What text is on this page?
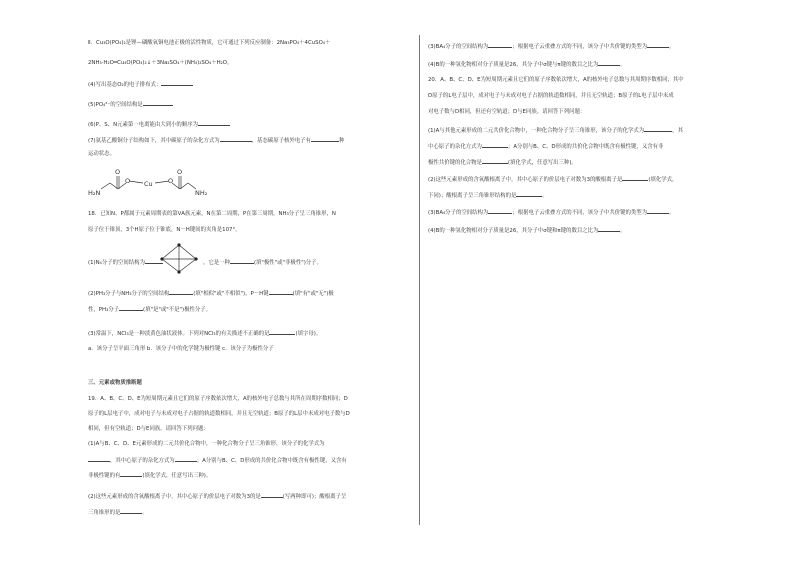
Ⅱ．Cu₃O(PO₄)₂是锂—磷酸氧铜电池正极的活性物质，它可通过下列反应制备：2Na₃PO₄＋4CuSO₄＋
2NH₃·H₂O═Cu₄O(PO₄)₂↓＋3Na₂SO₄＋(NH₄)₂SO₄＋H₂O。
(4)写出基态O₂的电子排布式：
(5)PO₄³⁻的空间结构是
(6)P、S、N元素第一电离能由大到小的顺序为
(7)氨基乙酸铜分子结构如下，其中碳原子的杂化方式为	，基态碳原子核外电子有	种
运动状态。
O
O	O
O
Cu
H₂N	NH₂
18．已知N、P都属于元素周期表的第ⅤA族元素，N在第二周期，P在第三周期。NH₃分子呈三角锥形，N
原子位于锥顶，3个H原子位于锥底，N－H键间的夹角是107°。
(1)N₄分子的空间结构为	，它是一种	(填"极性"或"非极性")分子。
(2)PH₃分子与NH₃分子的空间结构	(填"相似"或"不相似")，P－H键	(填"有"或"无")极
性，PH₃分子	(填"是"或"不是")极性分子。
(3)常温下，NCl₃是一种淡黄色油状液体。下列对NCl₃的有关描述不正确的是	(填字母)。
a．该分子呈平面三角形 b．该分子中的化学键为极性键 c．该分子为极性分子
三、元素或物质推断题
19．A、B、C、D、E为短周期元素且它们的原子序数依次增大，A的核外电子总数与其所在周期序数相同；D
原子的L层电子中，成对电子与未成对电子占据的轨道数相同，并且无空轨道；B原子的L层中未成对电子数与D
相同，但有空轨道；D与E同族。请回答下列问题：
(1)A与B、C、D、E元素形成的二元共价化合物中，一种化合物分子呈三角锥形，该分子的化学式为
，其中心原子的杂化方式为	；A分别与B、C、D形成的共价化合物中既含有极性键，又含有
非极性键的有	(填化学式，任意写出三种)。
(2)这些元素形成的含氧酸根离子中，其中心原子的价层电子对数为3的是	(写两种即可)；酸根离子呈
三角锥形的是	。
(3)BA₄分子的空间结构为	；根据电子云重叠方式的不同，该分子中共价键的类型为	。
(4)B的一种氢化物相对分子质量是26，其分子中σ键与π键的数目之比为	。
20．A、B、C、D、E为短周期元素且它们的原子序数依次增大，A的核外电子总数与其周期序数相同；其中
D原子的L电子层中，成对电子与未成对电子占据的轨道数相同，并且无空轨道；B原子的L电子层中未成
对电子数与D相同，但还有空轨道；D与E同族。请回答下列问题：
(1)A与其他元素形成的二元共价化合物中，一种化合物分子呈三角锥形，该分子的化学式为	，其
中心原子的杂化方式为	；A分别与B、C、D形成的共价化合物中既含有极性键，又含有非
极性共价键的化合物是	(填化学式，任意写出三种)。
(2)这些元素形成的含氧酸根离子中，其中心原子的价层电子对数为3的酸根离子是	(填化学式，
下同)；酸根离子呈三角锥形结构的是	。
(3)BA₄分子的空间结构为	；根据电子云重叠方式的不同，该分子中共价键的类型为	。
(4)B的一种氢化物相对分子质量是26，其分子中σ键和π键的数目之比为	。
